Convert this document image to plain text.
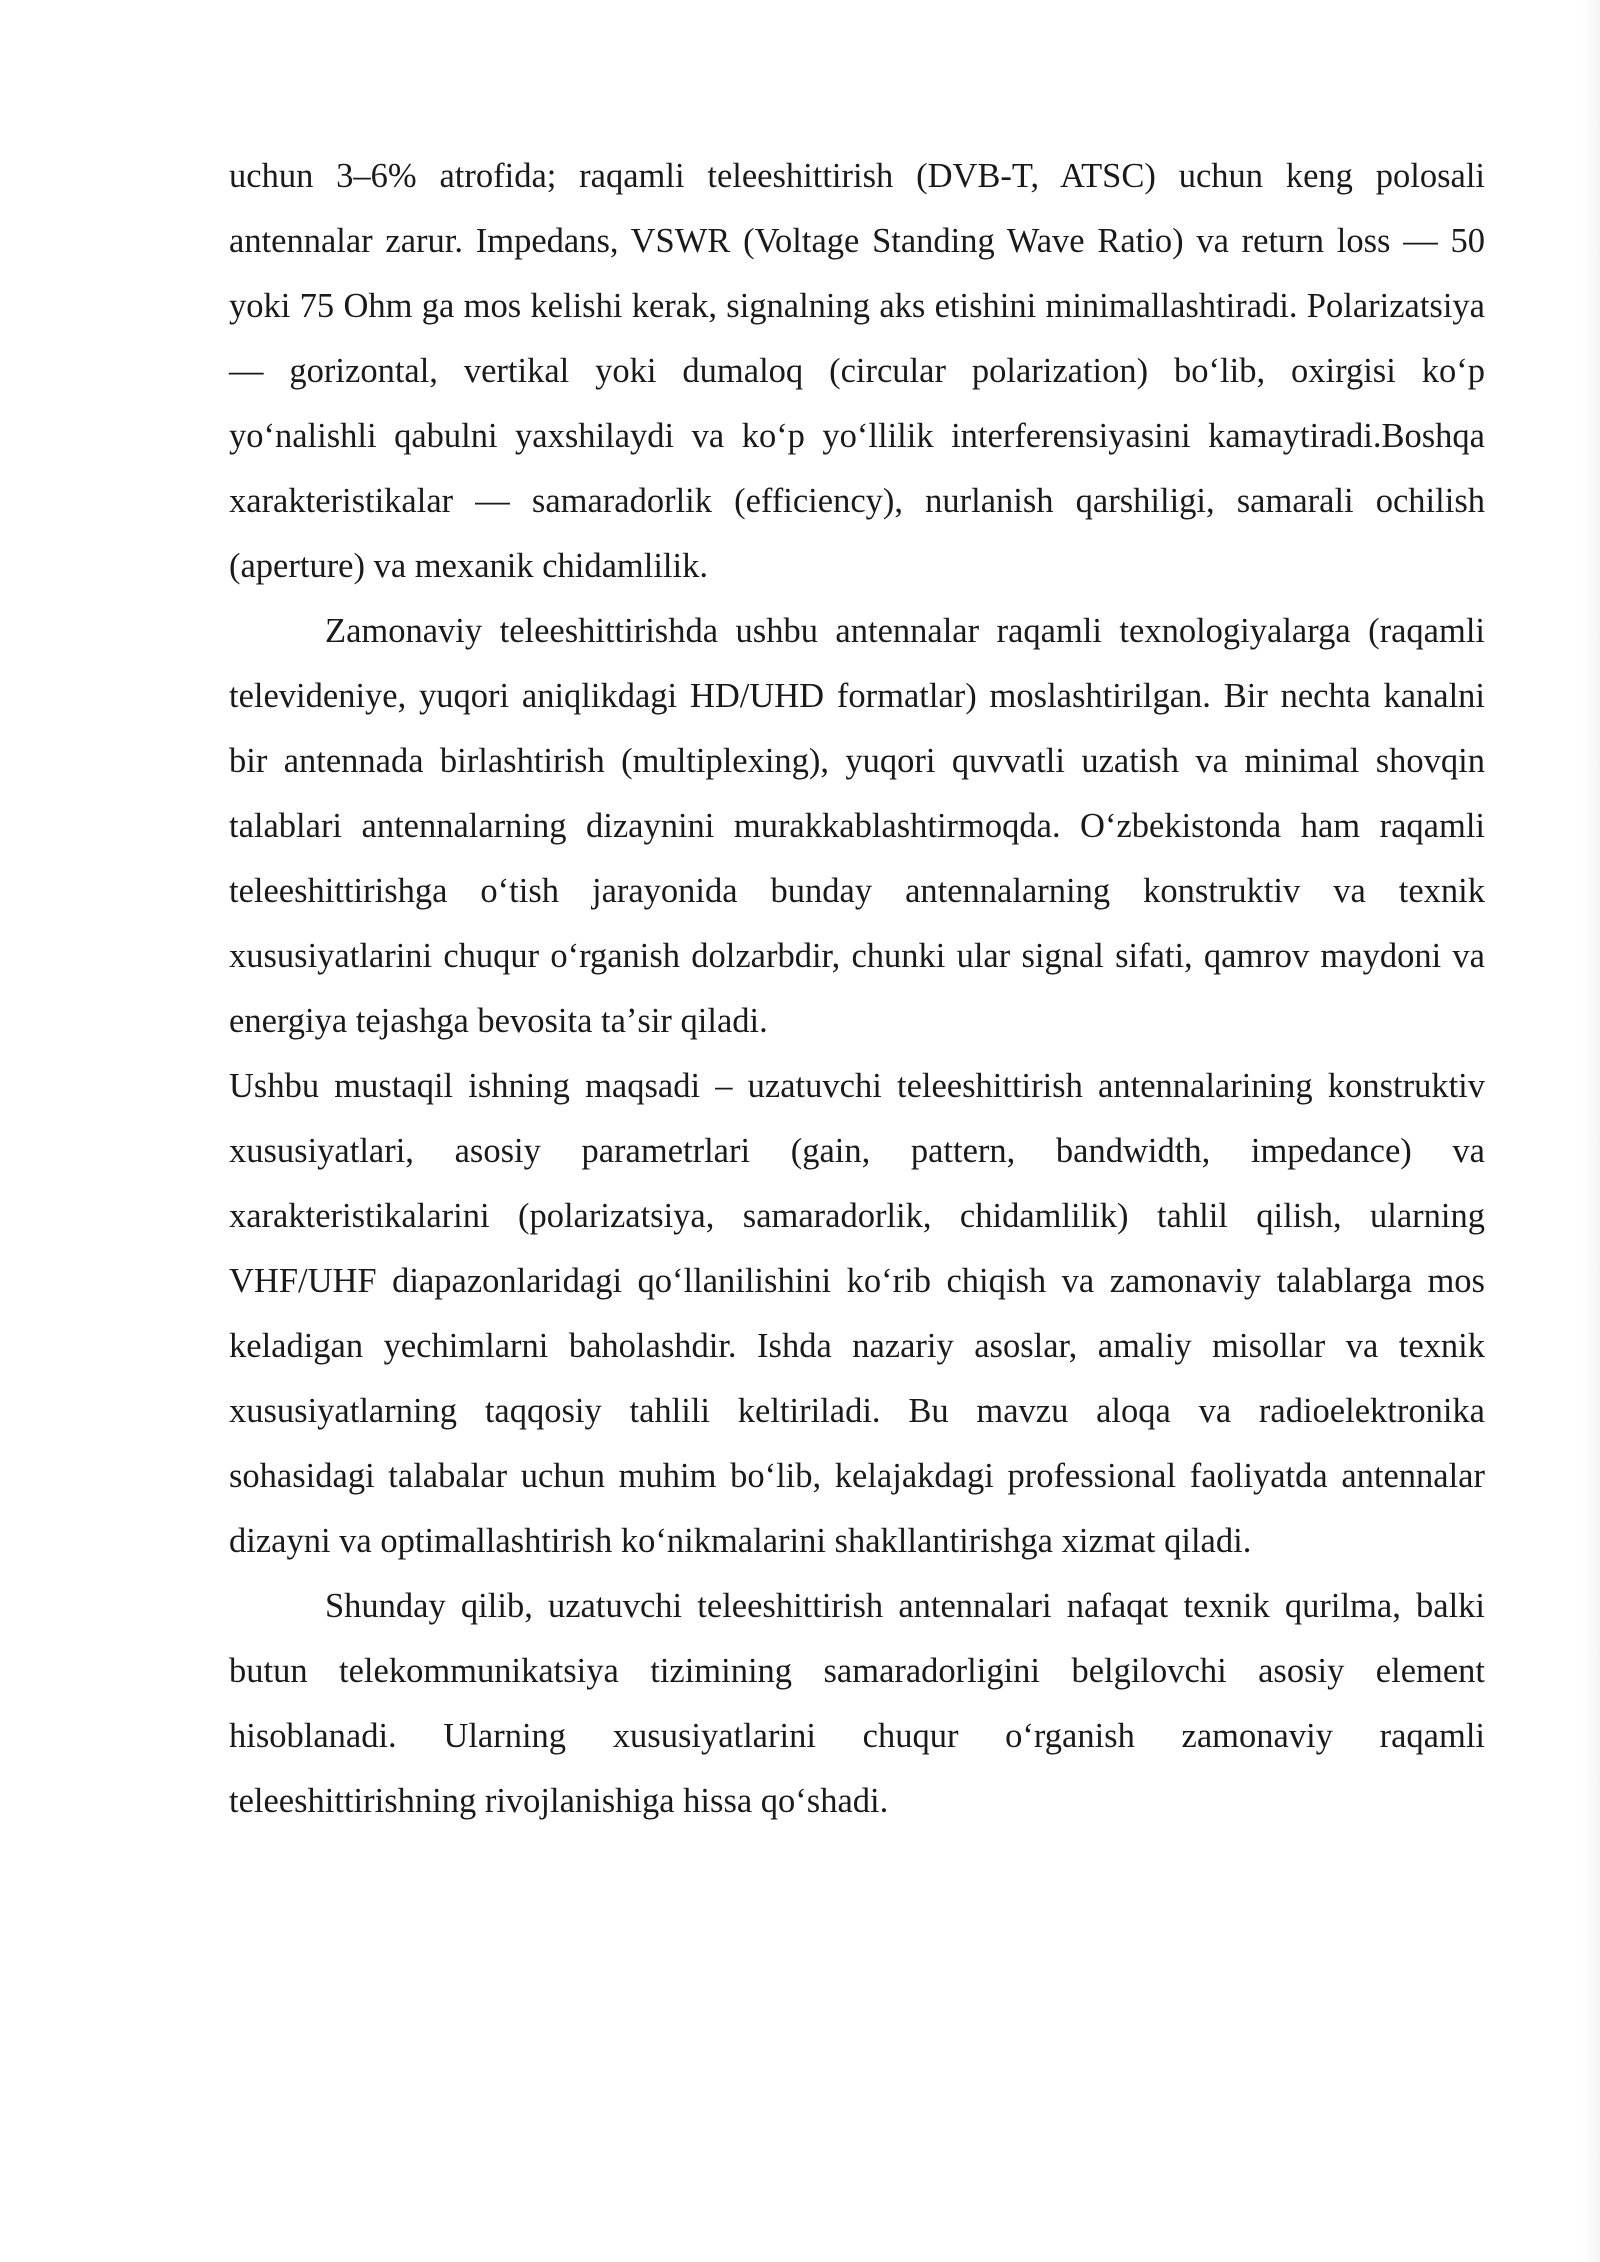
uchun 3–6% atrofida; raqamli teleeshittirish (DVB-T, ATSC) uchun keng polosali antennalar zarur. Impedans, VSWR (Voltage Standing Wave Ratio) va return loss — 50 yoki 75 Ohm ga mos kelishi kerak, signalning aks etishini minimallashtiradi. Polarizatsiya — gorizontal, vertikal yoki dumaloq (circular polarization) boʻlib, oxirgisi koʻp yoʻnalishli qabulni yaxshilaydi va koʻp yoʻllilik interferensiyasini kamaytiradi.Boshqa xarakteristikalar — samaradorlik (efficiency), nurlanish qarshiligi, samarali ochilish (aperture) va mexanik chidamlilik.

Zamonaviy teleeshittirishda ushbu antennalar raqamli texnologiyalarga (raqamli televideniye, yuqori aniqlikdagi HD/UHD formatlar) moslashtirilgan. Bir nechta kanalni bir antennada birlashtirish (multiplexing), yuqori quvvatli uzatish va minimal shovqin talablari antennalarning dizaynini murakkablashtirmoqda. Oʻzbekistonda ham raqamli teleeshittirishga oʻtish jarayonida bunday antennalarning konstruktiv va texnik xususiyatlarini chuqur oʻrganish dolzarbdir, chunki ular signal sifati, qamrov maydoni va energiya tejashga bevosita taʼsir qiladi.

Ushbu mustaqil ishning maqsadi – uzatuvchi teleeshittirish antennalarining konstruktiv xususiyatlari, asosiy parametrlari (gain, pattern, bandwidth, impedance) va xarakteristikalarini (polarizatsiya, samaradorlik, chidamlilik) tahlil qilish, ularning VHF/UHF diapazonlaridagi qoʻllanilishini koʻrib chiqish va zamonaviy talablarga mos keladigan yechimlarni baholashdir. Ishda nazariy asoslar, amaliy misollar va texnik xususiyatlarning taqqosiy tahlili keltiriladi. Bu mavzu aloqa va radioelektronika sohasidagi talabalar uchun muhim boʻlib, kelajakdagi professional faoliyatda antennalar dizayni va optimallashtirish koʻnikmalarini shakllantirishga xizmat qiladi.

Shunday qilib, uzatuvchi teleeshittirish antennalari nafaqat texnik qurilma, balki butun telekommunikatsiya tizimining samaradorligini belgilovchi asosiy element hisoblanadi. Ularning xususiyatlarini chuqur oʻrganish zamonaviy raqamli teleeshittirishning rivojlanishiga hissa qoʻshadi.
